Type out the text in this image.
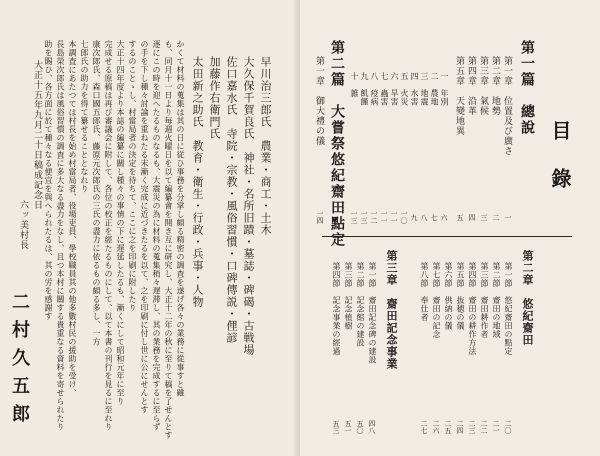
早川治三郎氏　農業・商工・土木
大久保千賀良氏　神社・名所旧蹟・墓誌・碑碣・古戦場
佐口嘉水氏　寺院・宗教・風俗習慣・口碑傳説・俚諺
加藤作右衛門氏
太田新之助氏　教育・衛生・行政・兵事・人物
かくて材料の蒐集は其の日に従ひ事務を分掌し頗る精密の調査を遂げ各々の業務に從事すと雖
も、同月十一日より毎週火曜日を以て編纂會を開き互に研究し、大正十二年の秋に至りて稿を了せんとす
逐にこの時を迎へたるものなるも、大震災の為に材料の蒐集稍々遅滞し、其の業務を完成するに至らず
の手を下し種々討論を重ねたる末漸く完成に近づきたるを以て、之を印刷に付し世に公にせんとす
するのことゝし、村當局者の決定を待ちて、ここに之を印刷に附したり
大正十四年度より本誌の編纂に關し種々の事情の下に遅延したるも、漸くにして昭和元年に至り
完成せる原稿は再び審議会に附して、各位の校正を經たるものにして、以て本書の刊行を見るに至れり
康次郎氏、森口國五郎氏、藤原元次郎氏の三氏の盡力に依るもの頗る多し、一方
七郎氏の助力を得て纂せることとなれり
本調査にあたつては村長を始め村當局者、役場吏員、學校職員其の他多數村民の援助を受け、
長島榮次郎氏は風俗習慣の調査に多大なる盡力をなし、且つ本村に關する貴重なる資料を寄せられたり
助を賜ひ、各方面に於て種々なる便宜を與へられたるは、其の労を感謝す
大正十五年九月二十日稿成記念日
六ッ美村長
二村久五郎
目錄
第一篇　總說
第一章　位置及び廣さ
一
第二章　地勢
二
第三章　氣候
三
第四章　沿革
四
第五章　天變地異
五
一　年別
六
二　農地
七
三　地震
八
四　水害
九
五　火災
一〇
六　旱害
一一
七　蟲害
一一
八　疫病
一二
九　飢饉
一三
十　雑
一三
第二篇　大嘗祭悠紀齋田點定
第一章　御大禮の儀
一四
第二章　悠紀齋田
第一節　悠紀齋田の點定
二〇
第二節　齋田の地域
二一
第三節　齋田耕作者
二二
第四節　齋田の耕作方法
二三
第五節　抜穂の儀
二四
第六節　供納の儀
二五
第七節　齋田の記念
二六
第八節　奉仕者
二七
第三章　齋田記念事業
第一節　齋田記念碑の建設
四八
第二節　記念館の建設
五〇
第三節　記念植樹
五一
第四節　記念事業の經過
五三
